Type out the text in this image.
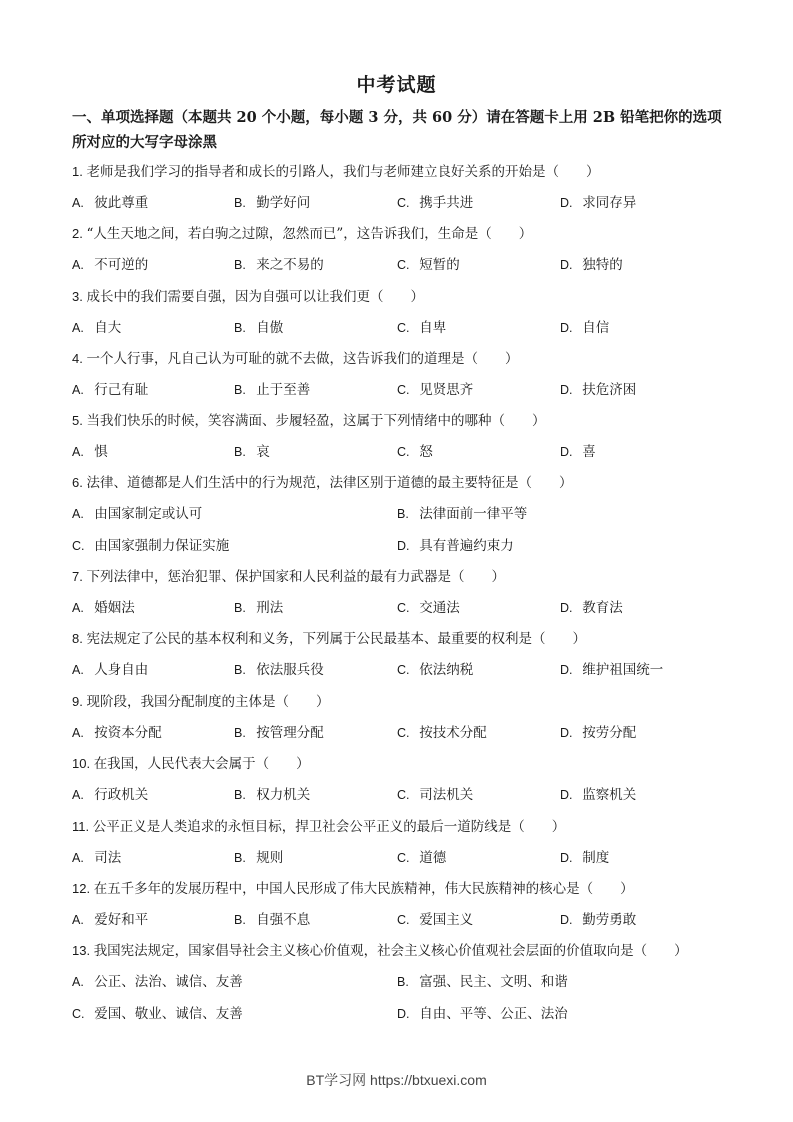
中考试题
一、单项选择题（本题共 20 个小题，每小题 3 分，共 60 分）请在答题卡上用 2B 铅笔把你的选项所对应的大写字母涂黑
1. 老师是我们学习的指导者和成长的引路人，我们与老师建立良好关系的开始是（　　）
A. 彼此尊重	B. 勤学好问	C. 携手共进	D. 求同存异
2. “人生天地之间，若白驹之过隙，忽然而已”，这告诉我们，生命是（　　）
A. 不可逆的	B. 来之不易的	C. 短暂的	D. 独特的
3. 成长中的我们需要自强，因为自强可以让我们更（　　）
A. 自大	B. 自傲	C. 自卑	D. 自信
4. 一个人行事，凡自己认为可耻的就不去做，这告诉我们的道理是（　　）
A. 行己有耻	B. 止于至善	C. 见贤思齐	D. 扶危济困
5. 当我们快乐的时候，笑容满面、步履轻盈，这属于下列情绪中的哪种（　　）
A. 惧	B. 哀	C. 怒	D. 喜
6. 法律、道德都是人们生活中的行为规范，法律区别于道德的最主要特征是（　　）
A. 由国家制定或认可	B. 法律面前一律平等
C. 由国家强制力保证实施	D. 具有普遍约束力
7. 下列法律中，惩治犯罪、保护国家和人民利益的最有力武器是（　　）
A. 婚姻法	B. 刑法	C. 交通法	D. 教育法
8. 宪法规定了公民的基本权利和义务，下列属于公民最基本、最重要的权利是（　　）
A. 人身自由	B. 依法服兵役	C. 依法纳税	D. 维护祖国统一
9. 现阶段，我国分配制度的主体是（　　）
A. 按资本分配	B. 按管理分配	C. 按技术分配	D. 按劳分配
10. 在我国，人民代表大会属于（　　）
A. 行政机关	B. 权力机关	C. 司法机关	D. 监察机关
11. 公平正义是人类追求的永恒目标，捍卫社会公平正义的最后一道防线是（　　）
A. 司法	B. 规则	C. 道德	D. 制度
12. 在五千多年的发展历程中，中国人民形成了伟大民族精神，伟大民族精神的核心是（　　）
A. 爱好和平	B. 自强不息	C. 爱国主义	D. 勤劳勇敢
13. 我国宪法规定，国家倡导社会主义核心价值观，社会主义核心价值观社会层面的价值取向是（　　）
A. 公正、法治、诚信、友善	B. 富强、民主、文明、和谐
C. 爱国、敬业、诚信、友善	D. 自由、平等、公正、法治
BT学习网 https://btxuexi.com
